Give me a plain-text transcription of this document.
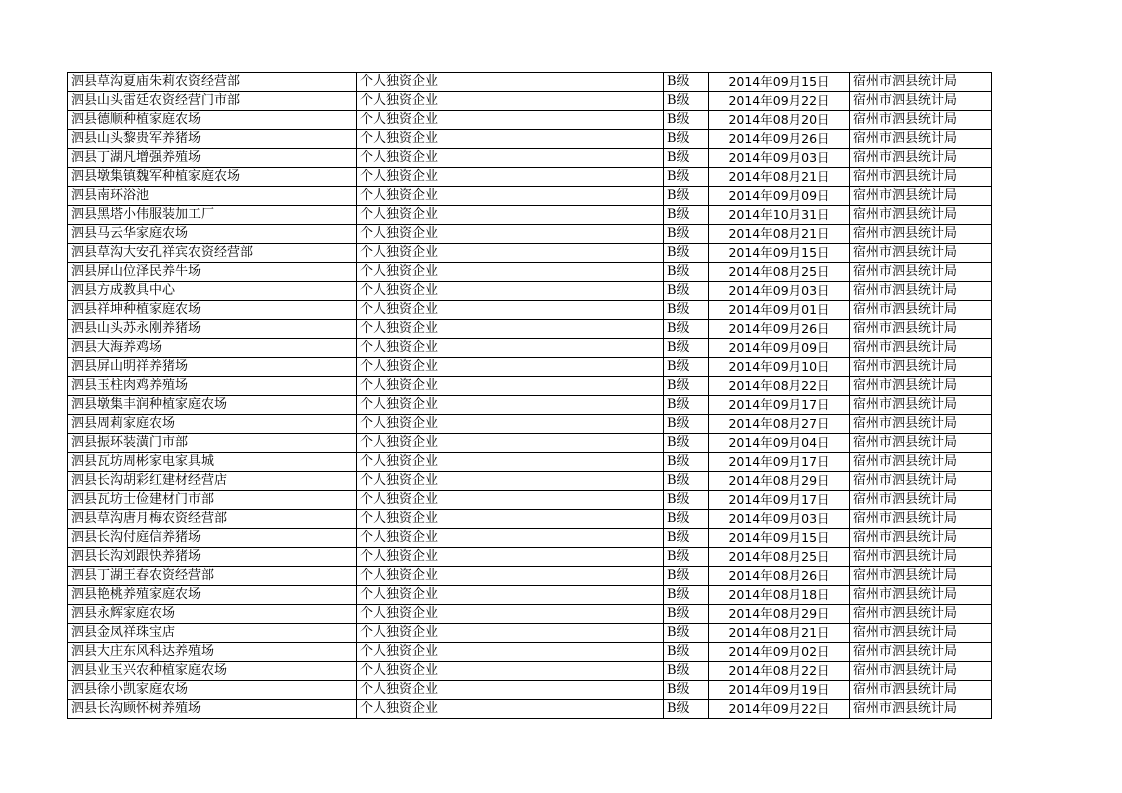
泗县草沟夏庙朱莉农资经营部	个人独资企业	B级	2014年09月15日	宿州市泗县统计局
泗县山头雷廷农资经营门市部	个人独资企业	B级	2014年09月22日	宿州市泗县统计局
泗县德顺种植家庭农场	个人独资企业	B级	2014年08月20日	宿州市泗县统计局
泗县山头黎贵军养猪场	个人独资企业	B级	2014年09月26日	宿州市泗县统计局
泗县丁湖凡增强养殖场	个人独资企业	B级	2014年09月03日	宿州市泗县统计局
泗县墩集镇魏军种植家庭农场	个人独资企业	B级	2014年08月21日	宿州市泗县统计局
泗县南环浴池	个人独资企业	B级	2014年09月09日	宿州市泗县统计局
泗县黑塔小伟服装加工厂	个人独资企业	B级	2014年10月31日	宿州市泗县统计局
泗县马云华家庭农场	个人独资企业	B级	2014年08月21日	宿州市泗县统计局
泗县草沟大安孔祥宾农资经营部	个人独资企业	B级	2014年09月15日	宿州市泗县统计局
泗县屏山位泽民养牛场	个人独资企业	B级	2014年08月25日	宿州市泗县统计局
泗县方成教具中心	个人独资企业	B级	2014年09月03日	宿州市泗县统计局
泗县祥坤种植家庭农场	个人独资企业	B级	2014年09月01日	宿州市泗县统计局
泗县山头苏永刚养猪场	个人独资企业	B级	2014年09月26日	宿州市泗县统计局
泗县大海养鸡场	个人独资企业	B级	2014年09月09日	宿州市泗县统计局
泗县屏山明祥养猪场	个人独资企业	B级	2014年09月10日	宿州市泗县统计局
泗县玉柱肉鸡养殖场	个人独资企业	B级	2014年08月22日	宿州市泗县统计局
泗县墩集丰润种植家庭农场	个人独资企业	B级	2014年09月17日	宿州市泗县统计局
泗县周莉家庭农场	个人独资企业	B级	2014年08月27日	宿州市泗县统计局
泗县振环装潢门市部	个人独资企业	B级	2014年09月04日	宿州市泗县统计局
泗县瓦坊周彬家电家具城	个人独资企业	B级	2014年09月17日	宿州市泗县统计局
泗县长沟胡彩红建材经营店	个人独资企业	B级	2014年08月29日	宿州市泗县统计局
泗县瓦坊士俭建材门市部	个人独资企业	B级	2014年09月17日	宿州市泗县统计局
泗县草沟唐月梅农资经营部	个人独资企业	B级	2014年09月03日	宿州市泗县统计局
泗县长沟付庭信养猪场	个人独资企业	B级	2014年09月15日	宿州市泗县统计局
泗县长沟刘跟快养猪场	个人独资企业	B级	2014年08月25日	宿州市泗县统计局
泗县丁湖王春农资经营部	个人独资企业	B级	2014年08月26日	宿州市泗县统计局
泗县艳桃养殖家庭农场	个人独资企业	B级	2014年08月18日	宿州市泗县统计局
泗县永辉家庭农场	个人独资企业	B级	2014年08月29日	宿州市泗县统计局
泗县金凤祥珠宝店	个人独资企业	B级	2014年08月21日	宿州市泗县统计局
泗县大庄东风科达养殖场	个人独资企业	B级	2014年09月02日	宿州市泗县统计局
泗县业玉兴农种植家庭农场	个人独资企业	B级	2014年08月22日	宿州市泗县统计局
泗县徐小凯家庭农场	个人独资企业	B级	2014年09月19日	宿州市泗县统计局
泗县长沟顾怀树养殖场	个人独资企业	B级	2014年09月22日	宿州市泗县统计局
